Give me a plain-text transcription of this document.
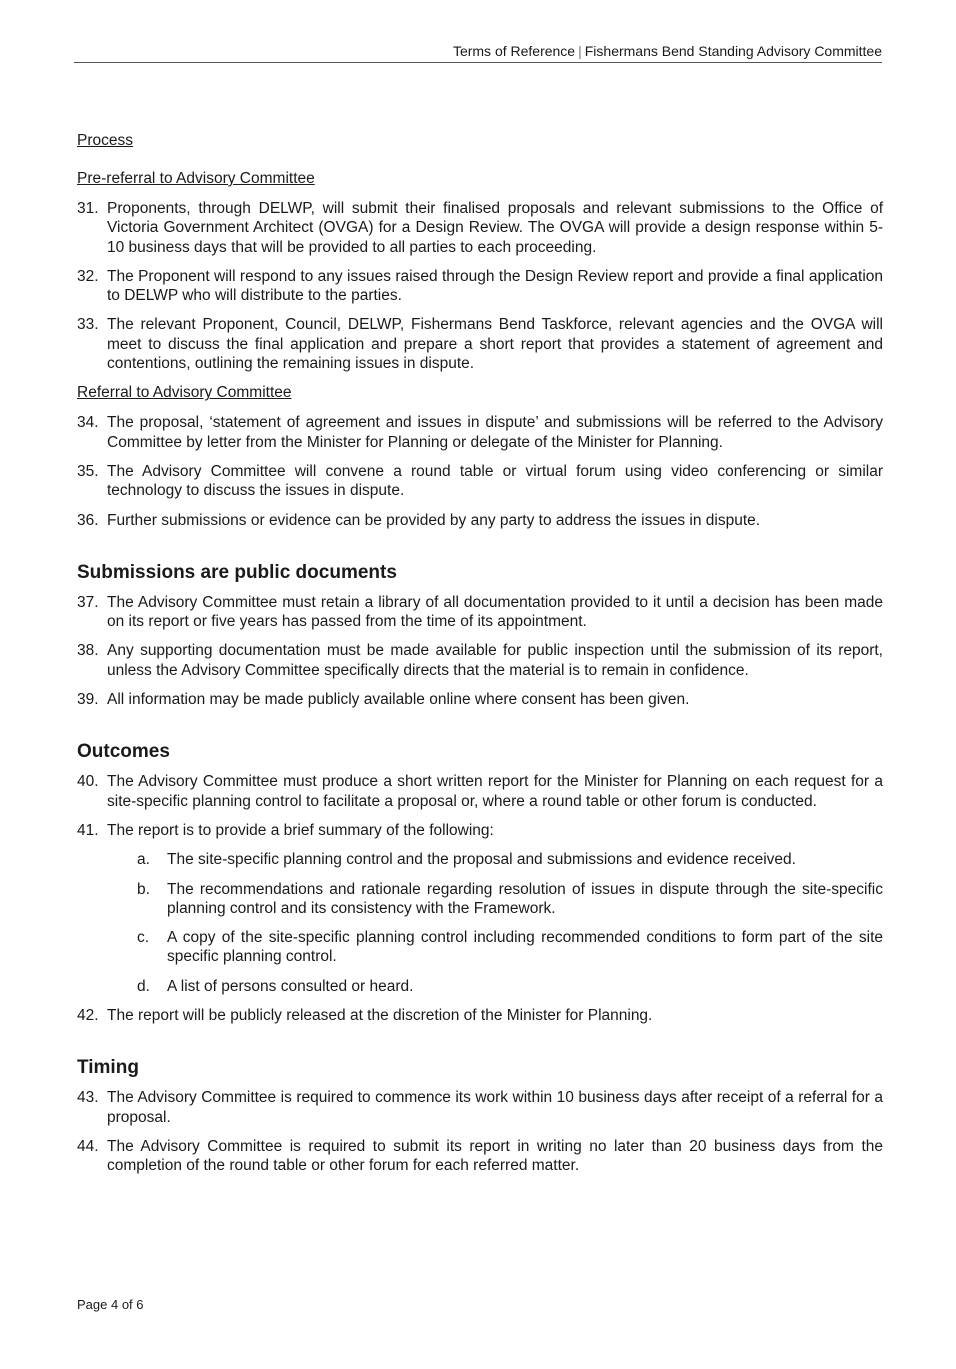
Terms of Reference | Fishermans Bend Standing Advisory Committee
Process
Pre-referral to Advisory Committee
31. Proponents, through DELWP, will submit their finalised proposals and relevant submissions to the Office of Victoria Government Architect (OVGA) for a Design Review. The OVGA will provide a design response within 5-10 business days that will be provided to all parties to each proceeding.
32. The Proponent will respond to any issues raised through the Design Review report and provide a final application to DELWP who will distribute to the parties.
33. The relevant Proponent, Council, DELWP, Fishermans Bend Taskforce, relevant agencies and the OVGA will meet to discuss the final application and prepare a short report that provides a statement of agreement and contentions, outlining the remaining issues in dispute.
Referral to Advisory Committee
34. The proposal, ‘statement of agreement and issues in dispute’ and submissions will be referred to the Advisory Committee by letter from the Minister for Planning or delegate of the Minister for Planning.
35. The Advisory Committee will convene a round table or virtual forum using video conferencing or similar technology to discuss the issues in dispute.
36. Further submissions or evidence can be provided by any party to address the issues in dispute.
Submissions are public documents
37. The Advisory Committee must retain a library of all documentation provided to it until a decision has been made on its report or five years has passed from the time of its appointment.
38. Any supporting documentation must be made available for public inspection until the submission of its report, unless the Advisory Committee specifically directs that the material is to remain in confidence.
39. All information may be made publicly available online where consent has been given.
Outcomes
40. The Advisory Committee must produce a short written report for the Minister for Planning on each request for a site-specific planning control to facilitate a proposal or, where a round table or other forum is conducted.
41. The report is to provide a brief summary of the following:
a.	The site-specific planning control and the proposal and submissions and evidence received.
b.	The recommendations and rationale regarding resolution of issues in dispute through the site-specific planning control and its consistency with the Framework.
c.	A copy of the site-specific planning control including recommended conditions to form part of the site specific planning control.
d.	A list of persons consulted or heard.
42. The report will be publicly released at the discretion of the Minister for Planning.
Timing
43. The Advisory Committee is required to commence its work within 10 business days after receipt of a referral for a proposal.
44. The Advisory Committee is required to submit its report in writing no later than 20 business days from the completion of the round table or other forum for each referred matter.
Page 4 of 6
